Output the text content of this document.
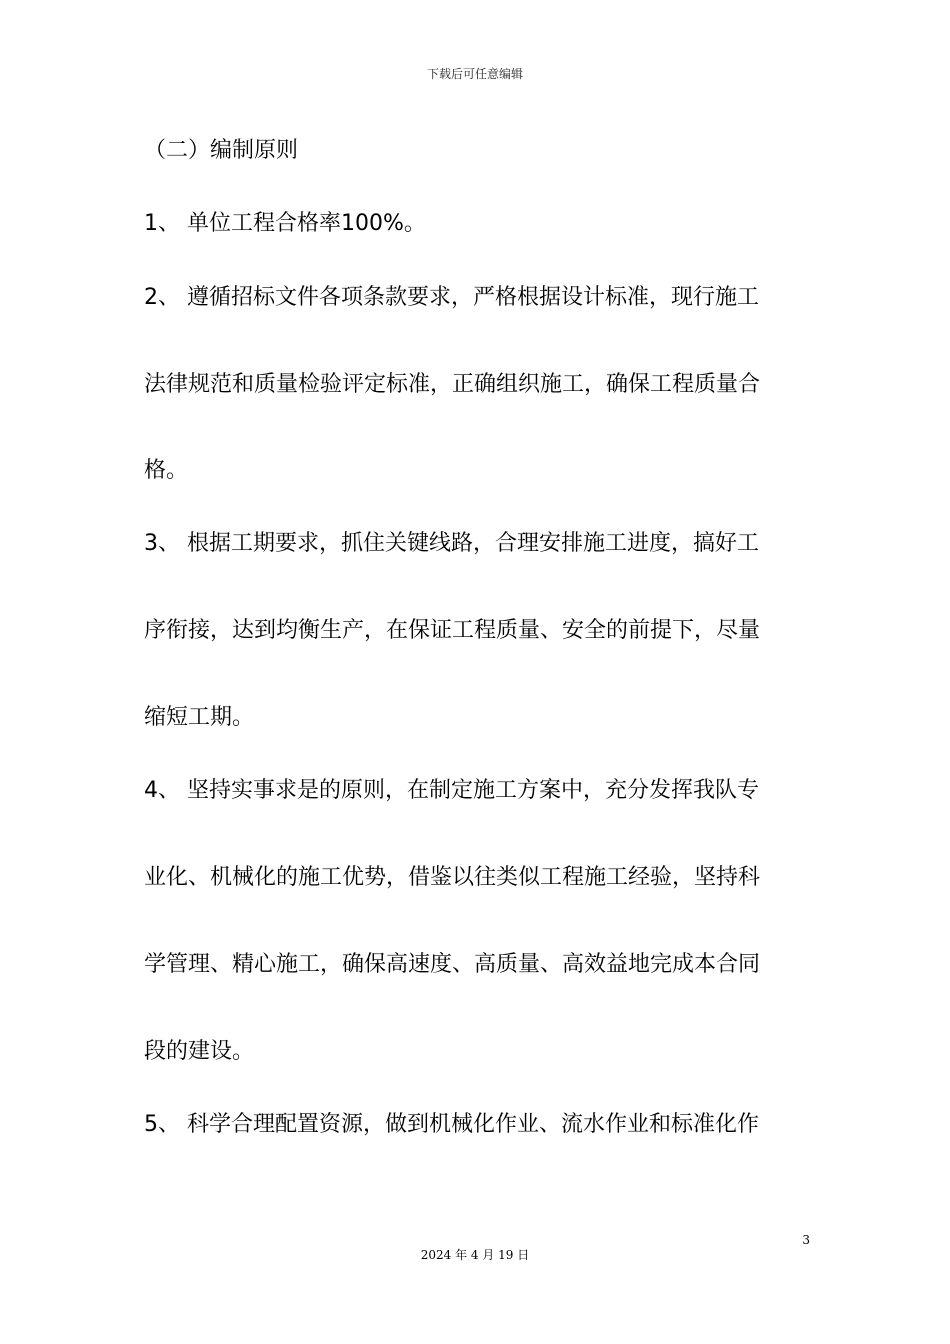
下载后可任意编辑
（二）编制原则
1、 单位工程合格率100%。
2、 遵循招标文件各项条款要求，严格根据设计标准，现行施工
法律规范和质量检验评定标准，正确组织施工，确保工程质量合
格。
3、 根据工期要求，抓住关键线路，合理安排施工进度，搞好工
序衔接，达到均衡生产，在保证工程质量、安全的前提下，尽量
缩短工期。
4、 坚持实事求是的原则，在制定施工方案中，充分发挥我队专
业化、机械化的施工优势，借鉴以往类似工程施工经验，坚持科
学管理、精心施工，确保高速度、高质量、高效益地完成本合同
段的建设。
5、 科学合理配置资源，做到机械化作业、流水作业和标准化作
3
2024 年 4 月 19 日
